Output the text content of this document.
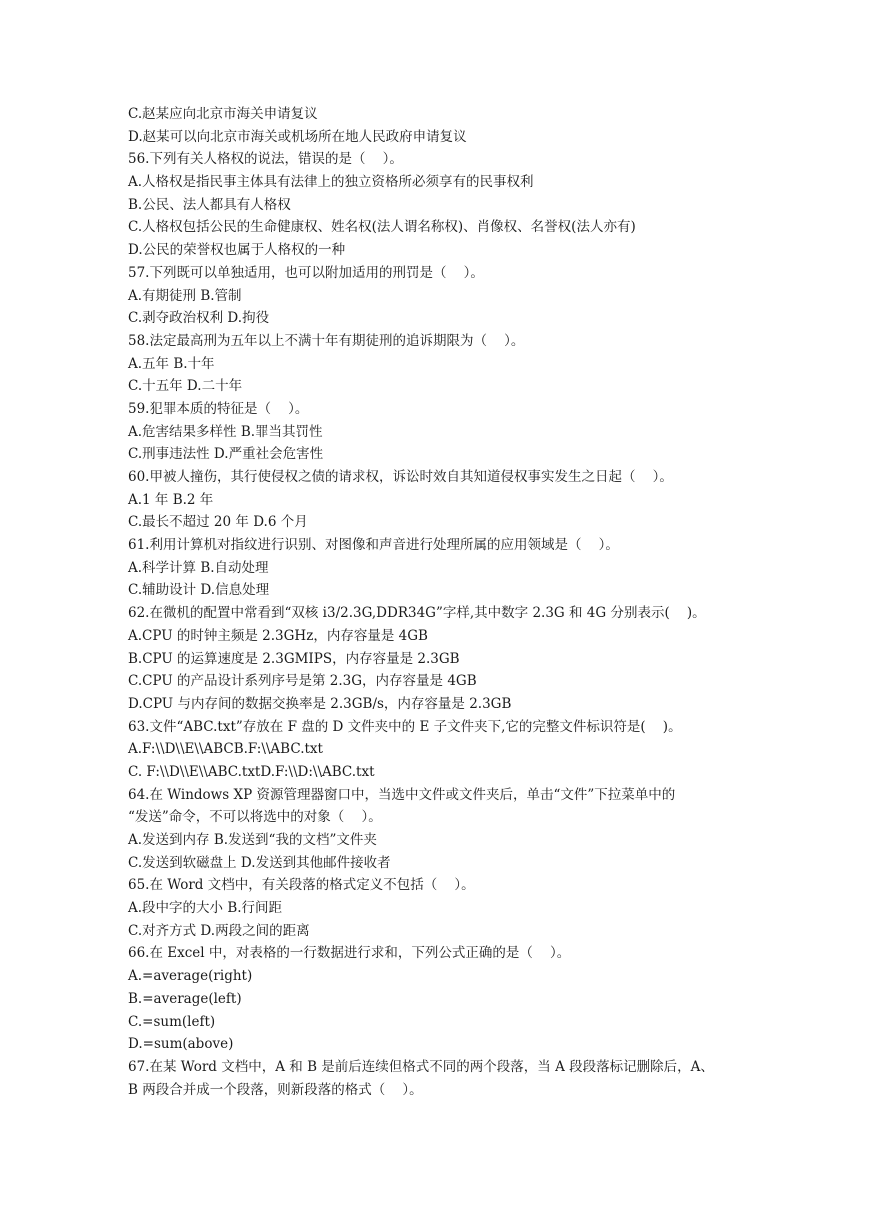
C.赵某应向北京市海关申请复议
D.赵某可以向北京市海关或机场所在地人民政府申请复议
56.下列有关人格权的说法，错误的是（    ）。
A.人格权是指民事主体具有法律上的独立资格所必须享有的民事权利
B.公民、法人都具有人格权
C.人格权包括公民的生命健康权、姓名权(法人谓名称权)、肖像权、名誉权(法人亦有)
D.公民的荣誉权也属于人格权的一种
57.下列既可以单独适用，也可以附加适用的刑罚是（    ）。
A.有期徒刑 B.管制
C.剥夺政治权利 D.拘役
58.法定最高刑为五年以上不满十年有期徒刑的追诉期限为（    ）。
A.五年 B.十年
C.十五年 D.二十年
59.犯罪本质的特征是（    ）。
A.危害结果多样性 B.罪当其罚性
C.刑事违法性 D.严重社会危害性
60.甲被人撞伤，其行使侵权之债的请求权，诉讼时效自其知道侵权事实发生之日起（    ）。
A.1 年 B.2 年
C.最长不超过 20 年 D.6 个月
61.利用计算机对指纹进行识别、对图像和声音进行处理所属的应用领域是（    ）。
A.科学计算 B.自动处理
C.辅助设计 D.信息处理
62.在微机的配置中常看到“双核 i3/2.3G,DDR34G”字样,其中数字 2.3G 和 4G 分别表示(    )。
A.CPU 的时钟主频是 2.3GHz，内存容量是 4GB
B.CPU 的运算速度是 2.3GMIPS，内存容量是 2.3GB
C.CPU 的产品设计系列序号是第 2.3G，内存容量是 4GB
D.CPU 与内存间的数据交换率是 2.3GB/s，内存容量是 2.3GB
63.文件“ABC.txt”存放在 F 盘的 D 文件夹中的 E 子文件夹下,它的完整文件标识符是(    )。
A.F:\\D\\E\\ABCB.F:\\ABC.txt
C. F:\\D\\E\\ABC.txtD.F:\\D:\\ABC.txt
64.在 Windows XP 资源管理器窗口中，当选中文件或文件夹后，单击“文件”下拉菜单中的
“发送”命令，不可以将选中的对象（    ）。
A.发送到内存 B.发送到“我的文档”文件夹
C.发送到软磁盘上 D.发送到其他邮件接收者
65.在 Word 文档中，有关段落的格式定义不包括（    ）。
A.段中字的大小 B.行间距
C.对齐方式 D.两段之间的距离
66.在 Excel 中，对表格的一行数据进行求和，下列公式正确的是（    ）。
A.=average(right)
B.=average(left)
C.=sum(left)
D.=sum(above)
67.在某 Word 文档中，A 和 B 是前后连续但格式不同的两个段落，当 A 段段落标记删除后，A、
B 两段合并成一个段落，则新段落的格式（    ）。
